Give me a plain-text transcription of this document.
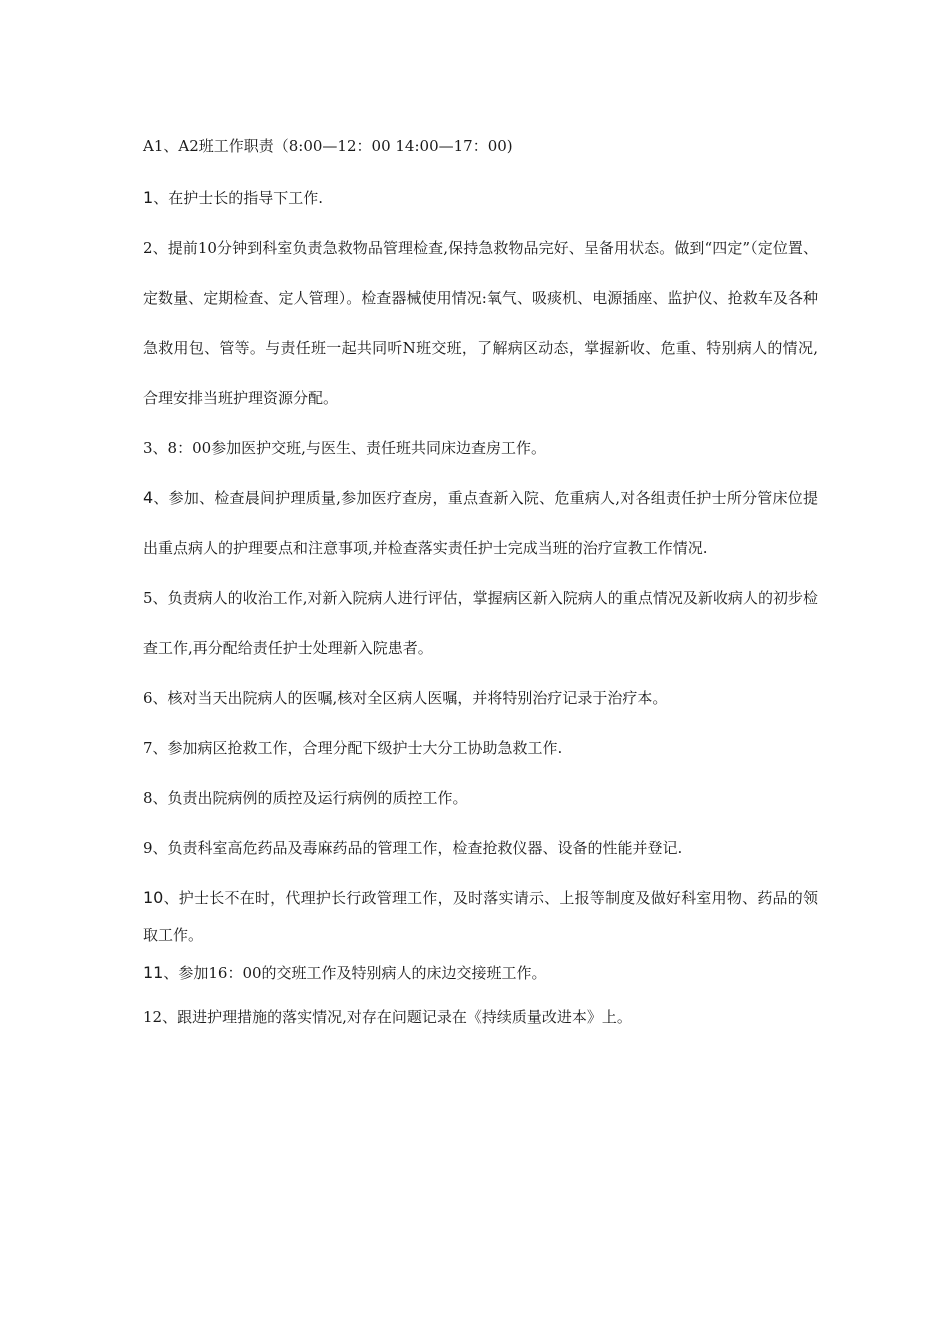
A1、A2班工作职责（8:00—12：00 14:00—17：00)

1、在护士长的指导下工作.

2、提前10分钟到科室负责急救物品管理检查,保持急救物品完好、呈备用状态。做到“四定”（定位置、定数量、定期检查、定人管理）。检查器械使用情况:氧气、吸痰机、电源插座、监护仪、抢救车及各种急救用包、管等。与责任班一起共同听N班交班，了解病区动态，掌握新收、危重、特别病人的情况,合理安排当班护理资源分配。

3、8：00参加医护交班,与医生、责任班共同床边查房工作。

4、参加、检查晨间护理质量,参加医疗查房，重点查新入院、危重病人,对各组责任护士所分管床位提出重点病人的护理要点和注意事项,并检查落实责任护士完成当班的治疗宣教工作情况.

5、负责病人的收治工作,对新入院病人进行评估，掌握病区新入院病人的重点情况及新收病人的初步检查工作,再分配给责任护士处理新入院患者。

6、核对当天出院病人的医嘱,核对全区病人医嘱，并将特别治疗记录于治疗本。

7、参加病区抢救工作，合理分配下级护士大分工协助急救工作.

8、负责出院病例的质控及运行病例的质控工作。

9、负责科室高危药品及毒麻药品的管理工作，检查抢救仪器、设备的性能并登记.

10、护士长不在时，代理护长行政管理工作，及时落实请示、上报等制度及做好科室用物、药品的领取工作。

11、参加16：00的交班工作及特别病人的床边交接班工作。

12、跟进护理措施的落实情况,对存在问题记录在《持续质量改进本》上。
